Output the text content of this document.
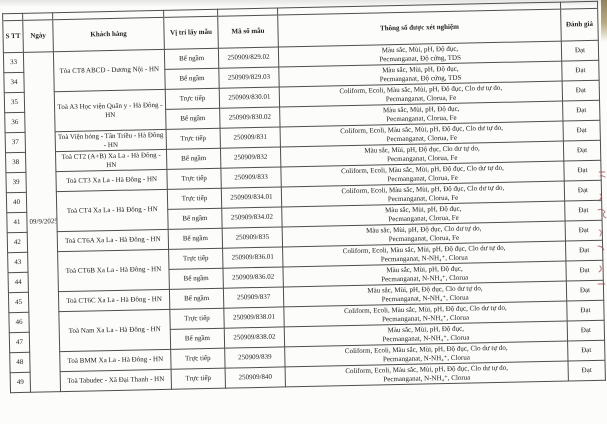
S TT	Ngày	Khách hàng	Vị trí lấy mẫu	Mã số mẫu	Thông số được xét nghiệm	Đánh giá
33	09/9/2025	Tòa CT8 ABCD - Dương Nội - HN	Bể ngầm	250909/829.02	Màu sắc, Mùi, pH, Độ đục,
Pecmanganat, Độ cứng, TDS	Đạt
34			Bể ngầm	250909/829.03	Màu sắc, Mùi, pH, Độ đục,
Pecmanganat, Độ cứng, TDS	Đạt
35		Toà A3 Học viện Quân y - Hà Đông - HN	Trực tiếp	250909/830.01	Coliform, Ecoli, Màu sắc, Mùi, pH, Độ đục, Clo dư tự do,
Pecmanganat, Clorua, Fe	Đạt
36			Bể ngầm	250909/830.02	Màu sắc, Mùi, pH, Độ đục,
Pecmanganat, Clorua, Fe	Đạt
37		Toà Viện bỏng - Tân Triều - Hà Đông - HN	Trực tiếp	250909/831	Coliform, Ecoli, Màu sắc, Mùi, pH, Độ đục, Clo dư tự do,
Pecmanganat, Clorua, Fe	Đạt
38		Toà CT2 (A+B) Xa La - Hà Đông - HN	Bể ngầm	250909/832	Màu sắc, Mùi, pH, Độ đục, Clo dư tự do,
Pecmanganat, Clorua, Fe	Đạt
39		Toà CT3 Xa La - Hà Đông - HN	Trực tiếp	250909/833	Coliform, Ecoli, Màu sắc, Mùi, pH, Độ đục, Clo dư tự do,
Pecmanganat, Clorua, Fe	Đạt
40		Toà CT4 Xa La - Hà Đông - HN	Trực tiếp	250909/834.01	Coliform, Ecoli, Màu sắc, Mùi, pH, Độ đục, Clo dư tự do,
Pecmanganat, Clorua, Fe	Đạt
41			Bể ngầm	250909/834.02	Màu sắc, Mùi, pH, Độ đục,
Pecmanganat, Clorua, Fe	Đạt
42		Toà CT6A Xa La - Hà Đông - HN	Bể ngầm	250909/835	Màu sắc, Mùi, pH, Độ đục, Clo dư tự do,
Pecmanganat, Clorua, Fe	Đạt
43		Toà CT6B Xa La - Hà Đông - HN	Trực tiếp	250909/836.01	Coliform, Ecoli, Màu sắc, Mùi, pH, Độ đục, Clo dư tự do,
Pecmanganat, N-NH₄⁺, Clorua	Đạt
44			Bể ngầm	250909/836.02	Màu sắc, Mùi, pH, Độ đục,
Pecmanganat, N-NH₄⁺, Clorua	Đạt
45		Toà CT6C Xa La - Hà Đông - HN	Bể ngầm	250909/837	Màu sắc, Mùi, pH, Độ đục, Clo dư tự do,
Pecmanganat, N-NH₄⁺, Clorua	Đạt
46		Toà Nam Xa La - Hà Đông - HN	Trực tiếp	250909/838.01	Coliform, Ecoli, Màu sắc, Mùi, pH, Độ đục, Clo dư tự do,
Pecmanganat, N-NH₄⁺, Clorua	Đạt
47			Bể ngầm	250909/838.02	Màu sắc, Mùi, pH, Độ đục,
Pecmanganat, N-NH₄⁺, Clorua	Đạt
48		Toà BMM Xa La - Hà Đông - HN	Trực tiếp	250909/839	Coliform, Ecoli, Màu sắc, Mùi, pH, Độ đục, Clo dư tự do,
Pecmanganat, N-NH₄⁺, Clorua	Đạt
49		Toà Tabudec - Xã Đại Thanh - HN	Trực tiếp	250909/840	Coliform, Ecoli, Màu sắc, Mùi, pH, Độ đục, Clo dư tự do,
Pecmanganat, N-NH₄⁺, Clorua	Đạt
